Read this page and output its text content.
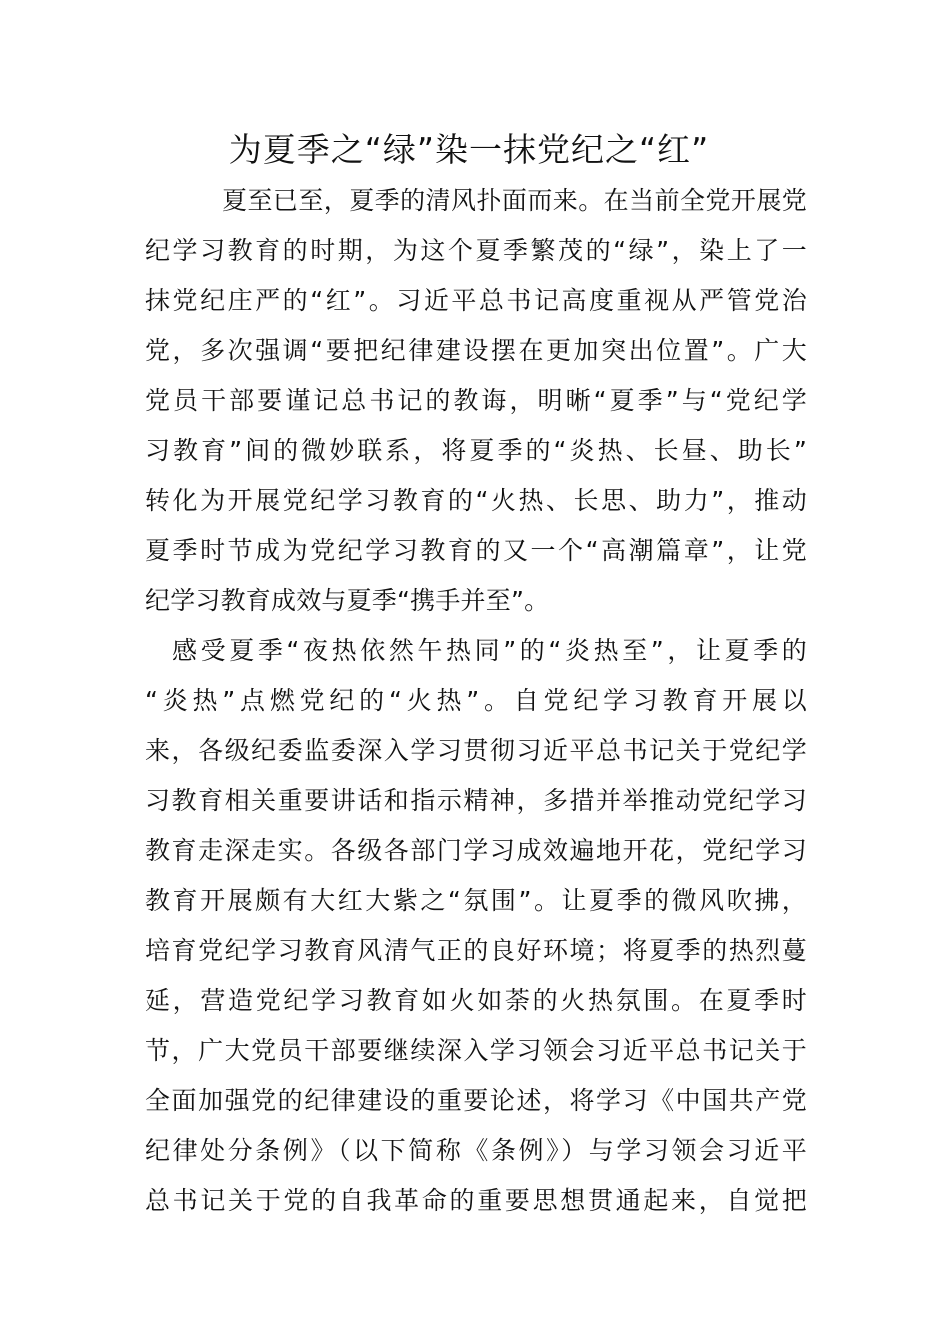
为夏季之“绿”染一抹党纪之“红”

夏至已至，夏季的清风扑面而来。在当前全党开展党

纪学习教育的时期，为这个夏季繁茂的“绿”，染上了一

抹党纪庄严的“红”。习近平总书记高度重视从严管党治

党，多次强调“要把纪律建设摆在更加突出位置”。广大

党员干部要谨记总书记的教诲，明晰“夏季”与“党纪学

习教育”间的微妙联系，将夏季的“炎热、长昼、助长”

转化为开展党纪学习教育的“火热、长思、助力”，推动

夏季时节成为党纪学习教育的又一个“高潮篇章”，让党

纪学习教育成效与夏季“携手并至”。

感受夏季“夜热依然午热同”的“炎热至”，让夏季的

“炎热”点燃党纪的“火热”。自党纪学习教育开展以

来，各级纪委监委深入学习贯彻习近平总书记关于党纪学

习教育相关重要讲话和指示精神，多措并举推动党纪学习

教育走深走实。各级各部门学习成效遍地开花，党纪学习

教育开展颇有大红大紫之“氛围”。让夏季的微风吹拂，

培育党纪学习教育风清气正的良好环境；将夏季的热烈蔓

延，营造党纪学习教育如火如荼的火热氛围。在夏季时

节，广大党员干部要继续深入学习领会习近平总书记关于

全面加强党的纪律建设的重要论述，将学习《中国共产党

纪律处分条例》（以下简称《条例》）与学习领会习近平

总书记关于党的自我革命的重要思想贯通起来，自觉把
